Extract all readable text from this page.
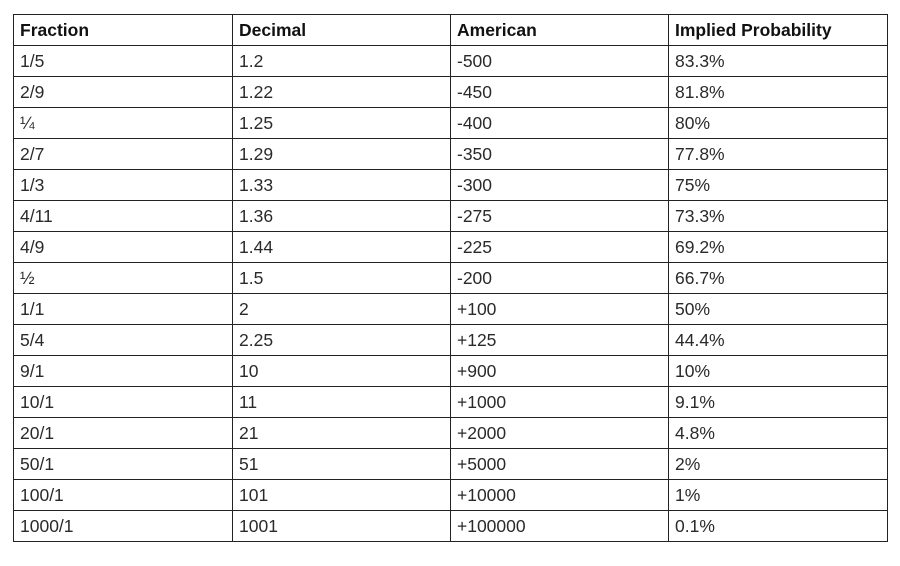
Fraction	Decimal	American	Implied Probability
1/5	1.2	-500	83.3%
2/9	1.22	-450	81.8%
¼	1.25	-400	80%
2/7	1.29	-350	77.8%
1/3	1.33	-300	75%
4/11	1.36	-275	73.3%
4/9	1.44	-225	69.2%
½	1.5	-200	66.7%
1/1	2	+100	50%
5/4	2.25	+125	44.4%
9/1	10	+900	10%
10/1	11	+1000	9.1%
20/1	21	+2000	4.8%
50/1	51	+5000	2%
100/1	101	+10000	1%
1000/1	1001	+100000	0.1%
